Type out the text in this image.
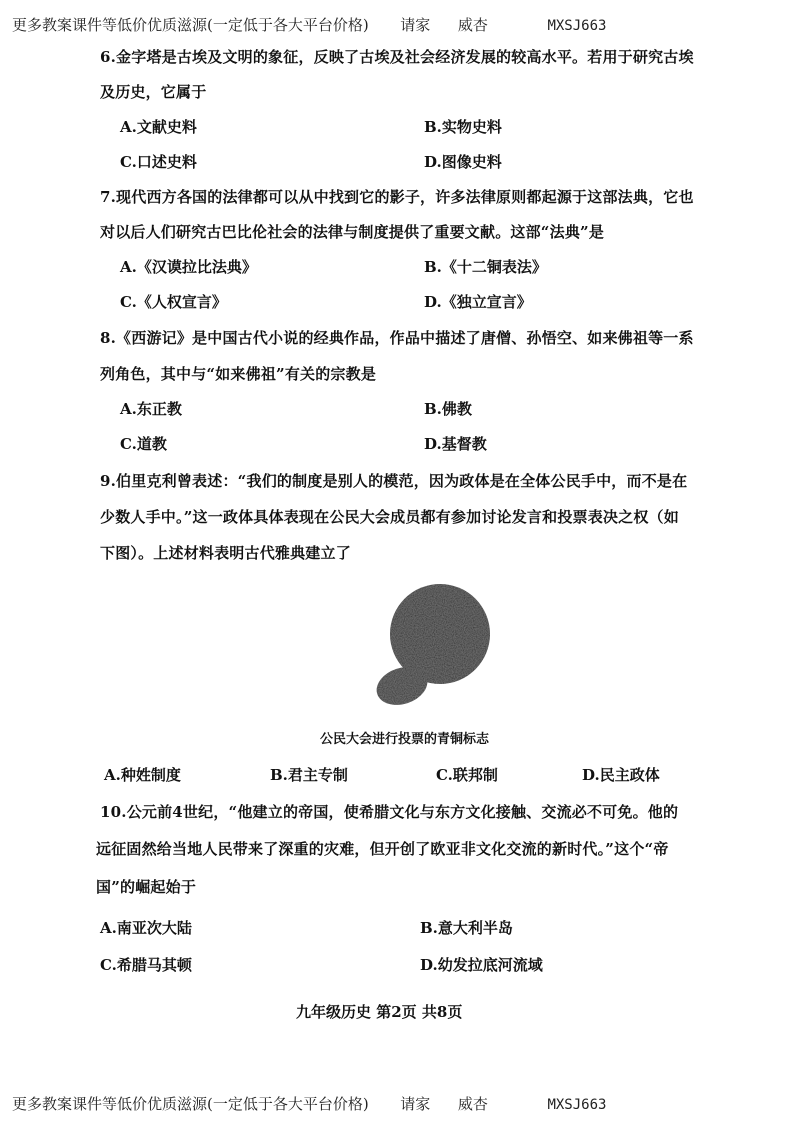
更多教案课件等低价优质滋源(一定低于各大平台价格) 请家 威杏	MXSJ663
6.金字塔是古埃及文明的象征，反映了古埃及社会经济发展的较高水平。若用于研究古埃
及历史，它属于
A.文献史料	B.实物史料
C.口述史料	D.图像史料
7.现代西方各国的法律都可以从中找到它的影子，许多法律原则都起源于这部法典，它也
对以后人们研究古巴比伦社会的法律与制度提供了重要文献。这部“法典”是
A.《汉谟拉比法典》	B.《十二铜表法》
C.《人权宣言》	D.《独立宣言》
8.《西游记》是中国古代小说的经典作品，作品中描述了唐僧、孙悟空、如来佛祖等一系
列角色，其中与“如来佛祖”有关的宗教是
A.东正教	B.佛教
C.道教	D.基督教
9.伯里克利曾表述：“我们的制度是别人的模范，因为政体是在全体公民手中，而不是在
少数人手中。”这一政体具体表现在公民大会成员都有参加讨论发言和投票表决之权（如
下图）。上述材料表明古代雅典建立了
公民大会进行投票的青铜标志
A.种姓制度	B.君主专制	C.联邦制	D.民主政体
10.公元前4世纪，“他建立的帝国，使希腊文化与东方文化接触、交流必不可免。他的
远征固然给当地人民带来了深重的灾难，但开创了欧亚非文化交流的新时代。”这个“帝
国”的崛起始于
A.南亚次大陆	B.意大利半岛
C.希腊马其顿	D.幼发拉底河流域
九年级历史 第2页 共8页
更多教案课件等低价优质滋源(一定低于各大平台价格) 请家 威杏	MXSJ663
